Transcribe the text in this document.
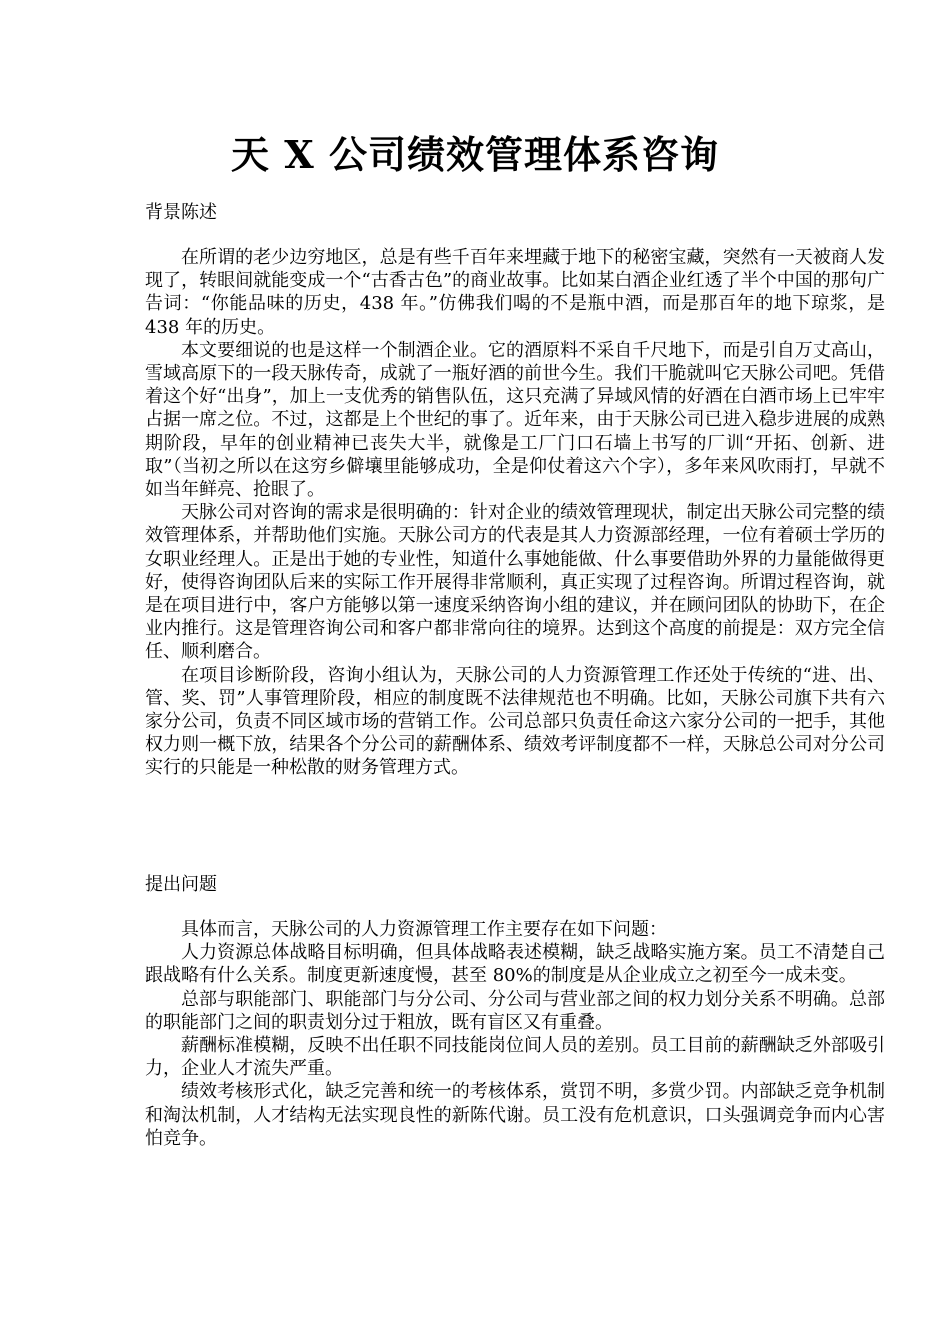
天 X 公司绩效管理体系咨询

背景陈述

在所谓的老少边穷地区，总是有些千百年来埋藏于地下的秘密宝藏，突然有一天被商人发现了，转眼间就能变成一个“古香古色”的商业故事。比如某白酒企业红透了半个中国的那句广告词：“你能品味的历史，438 年。”仿佛我们喝的不是瓶中酒，而是那百年的地下琼浆，是 438 年的历史。

本文要细说的也是这样一个制酒企业。它的酒原料不采自千尺地下，而是引自万丈高山，雪域高原下的一段天脉传奇，成就了一瓶好酒的前世今生。我们干脆就叫它天脉公司吧。凭借着这个好“出身”，加上一支优秀的销售队伍，这只充满了异域风情的好酒在白酒市场上已牢牢占据一席之位。不过，这都是上个世纪的事了。近年来，由于天脉公司已进入稳步进展的成熟期阶段，早年的创业精神已丧失大半，就像是工厂门口石墙上书写的厂训“开拓、创新、进取”（当初之所以在这穷乡僻壤里能够成功，全是仰仗着这六个字），多年来风吹雨打，早就不如当年鲜亮、抢眼了。

天脉公司对咨询的需求是很明确的：针对企业的绩效管理现状，制定出天脉公司完整的绩效管理体系，并帮助他们实施。天脉公司方的代表是其人力资源部经理，一位有着硕士学历的女职业经理人。正是出于她的专业性，知道什么事她能做、什么事要借助外界的力量能做得更好，使得咨询团队后来的实际工作开展得非常顺利，真正实现了过程咨询。所谓过程咨询，就是在项目进行中，客户方能够以第一速度采纳咨询小组的建议，并在顾问团队的协助下，在企业内推行。这是管理咨询公司和客户都非常向往的境界。达到这个高度的前提是：双方完全信任、顺利磨合。

在项目诊断阶段，咨询小组认为，天脉公司的人力资源管理工作还处于传统的“进、出、管、奖、罚”人事管理阶段，相应的制度既不法律规范也不明确。比如，天脉公司旗下共有六家分公司，负责不同区域市场的营销工作。公司总部只负责任命这六家分公司的一把手，其他权力则一概下放，结果各个分公司的薪酬体系、绩效考评制度都不一样，天脉总公司对分公司实行的只能是一种松散的财务管理方式。

提出问题

具体而言，天脉公司的人力资源管理工作主要存在如下问题：

人力资源总体战略目标明确，但具体战略表述模糊，缺乏战略实施方案。员工不清楚自己跟战略有什么关系。制度更新速度慢，甚至 80%的制度是从企业成立之初至今一成未变。

总部与职能部门、职能部门与分公司、分公司与营业部之间的权力划分关系不明确。总部的职能部门之间的职责划分过于粗放，既有盲区又有重叠。

薪酬标准模糊，反映不出任职不同技能岗位间人员的差别。员工目前的薪酬缺乏外部吸引力，企业人才流失严重。

绩效考核形式化，缺乏完善和统一的考核体系，赏罚不明，多赏少罚。内部缺乏竞争机制和淘汰机制，人才结构无法实现良性的新陈代谢。员工没有危机意识，口头强调竞争而内心害怕竞争。
